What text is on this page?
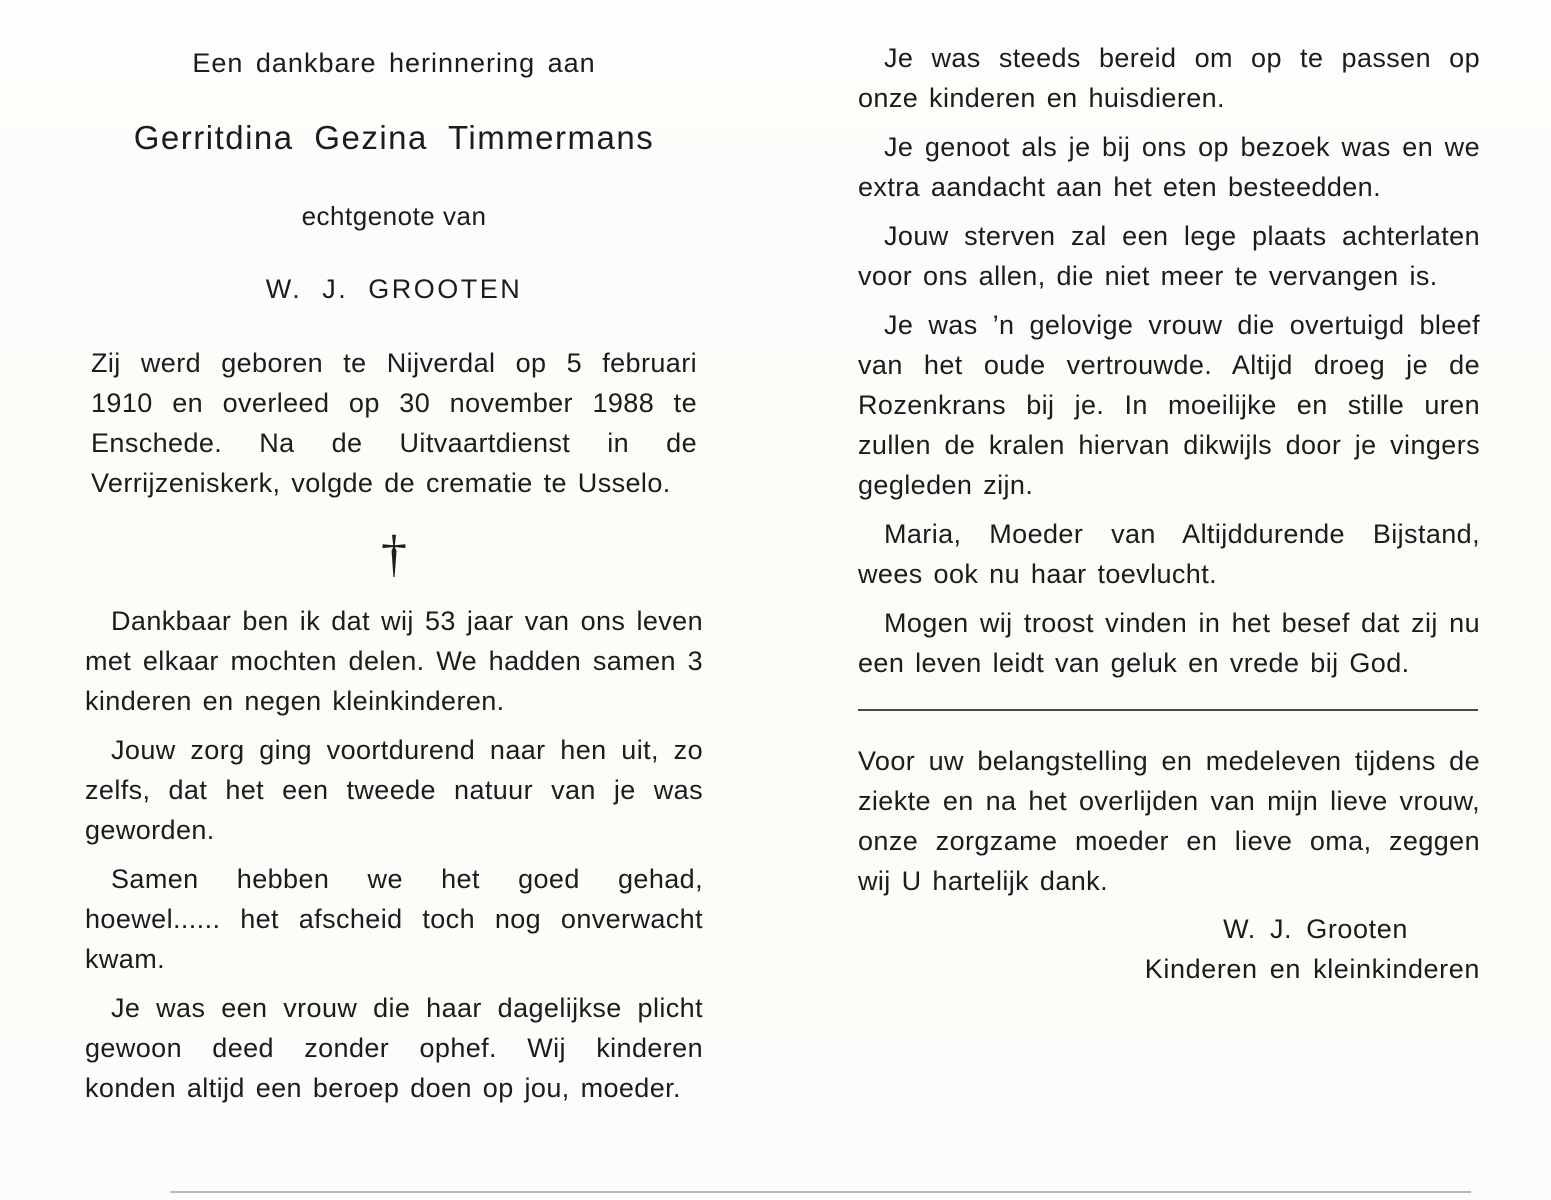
Een dankbare herinnering aan

Gerritdina Gezina Timmermans

echtgenote van

W. J. GROOTEN

Zij werd geboren te Nijverdal op 5 februari 1910 en overleed op 30 november 1988 te Enschede. Na de Uitvaartdienst in de Verrijzeniskerk, volgde de crematie te Usselo.

†

Dankbaar ben ik dat wij 53 jaar van ons leven met elkaar mochten delen. We hadden samen 3 kinderen en negen kleinkinderen.

Jouw zorg ging voortdurend naar hen uit, zo zelfs, dat het een tweede natuur van je was geworden.

Samen hebben we het goed gehad, hoewel...... het afscheid toch nog onverwacht kwam.

Je was een vrouw die haar dagelijkse plicht gewoon deed zonder ophef. Wij kinderen konden altijd een beroep doen op jou, moeder.

Je was steeds bereid om op te passen op onze kinderen en huisdieren.

Je genoot als je bij ons op bezoek was en we extra aandacht aan het eten besteedden.

Jouw sterven zal een lege plaats achterlaten voor ons allen, die niet meer te vervangen is.

Je was ’n gelovige vrouw die overtuigd bleef van het oude vertrouwde. Altijd droeg je de Rozenkrans bij je. In moeilijke en stille uren zullen de kralen hiervan dikwijls door je vingers gegleden zijn.

Maria, Moeder van Altijddurende Bijstand, wees ook nu haar toevlucht.

Mogen wij troost vinden in het besef dat zij nu een leven leidt van geluk en vrede bij God.

Voor uw belangstelling en medeleven tijdens de ziekte en na het overlijden van mijn lieve vrouw, onze zorgzame moeder en lieve oma, zeggen wij U hartelijk dank.

W. J. Grooten

Kinderen en kleinkinderen
